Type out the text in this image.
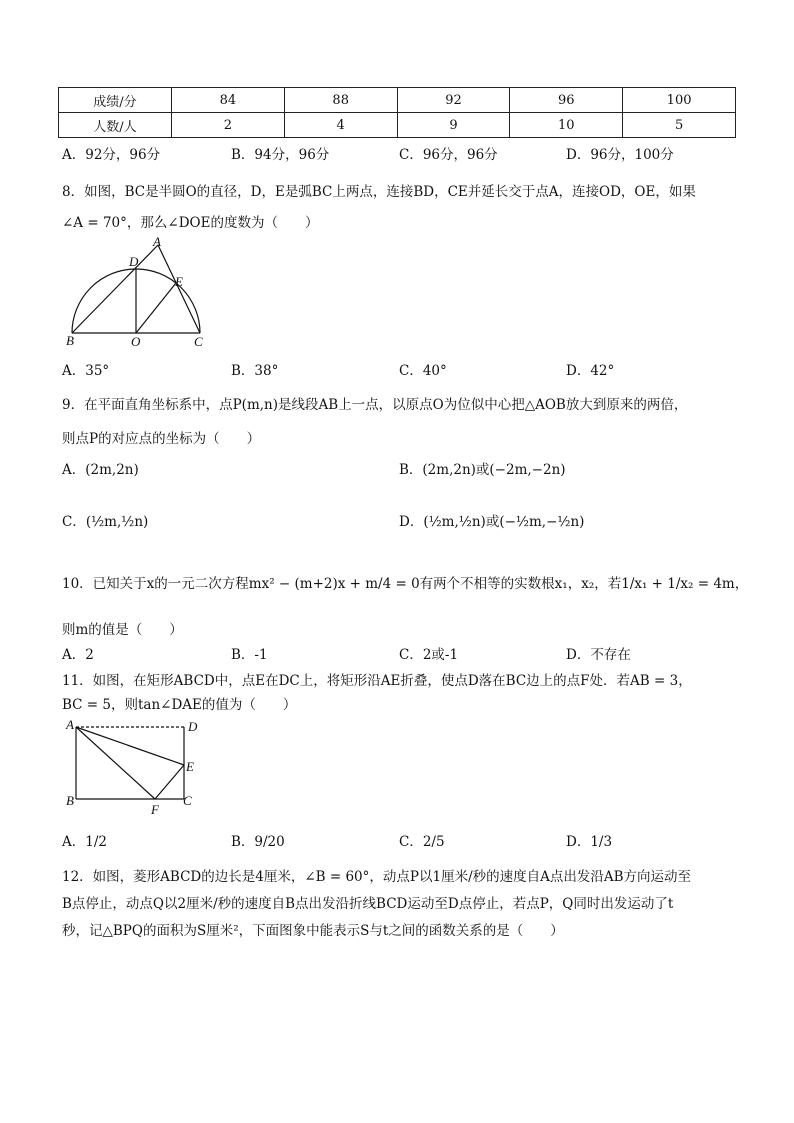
成绩/分	84	88	92	96	100
人数/人	2	4	9	10	5
A．92分，96分	B．94分，96分	C．96分，96分	D．96分，100分
8．如图，BC是半圆O的直径，D，E是弧BC上两点，连接BD，CE并延长交于点A，连接OD，OE，如果
∠A = 70°，那么∠DOE的度数为（　　）
A
D
E
B	O	C
A．35°	B．38°	C．40°	D．42°
9．在平面直角坐标系中，点P(m,n)是线段AB上一点，以原点O为位似中心把△AOB放大到原来的两倍，
则点P的对应点的坐标为（　　）
A．(2m,2n)	B．(2m,2n)或(−2m,−2n)
C．(½m,½n)	D．(½m,½n)或(−½m,−½n)
10．已知关于x的一元二次方程mx² − (m+2)x + m/4 = 0有两个不相等的实数根x₁，x₂，若1/x₁ + 1/x₂ = 4m，
则m的值是（　　）
A．2	B．-1	C．2或-1	D．不存在
11．如图，在矩形ABCD中，点E在DC上，将矩形沿AE折叠，使点D落在BC边上的点F处．若AB = 3，
BC = 5，则tan∠DAE的值为（　　）
A	D
E
B
F
C
A．1/2	B．9/20	C．2/5	D．1/3
12．如图，菱形ABCD的边长是4厘米，∠B = 60°，动点P以1厘米/秒的速度自A点出发沿AB方向运动至
B点停止，动点Q以2厘米/秒的速度自B点出发沿折线BCD运动至D点停止，若点P，Q同时出发运动了t
秒，记△BPQ的面积为S厘米²，下面图象中能表示S与t之间的函数关系的是（　　）
